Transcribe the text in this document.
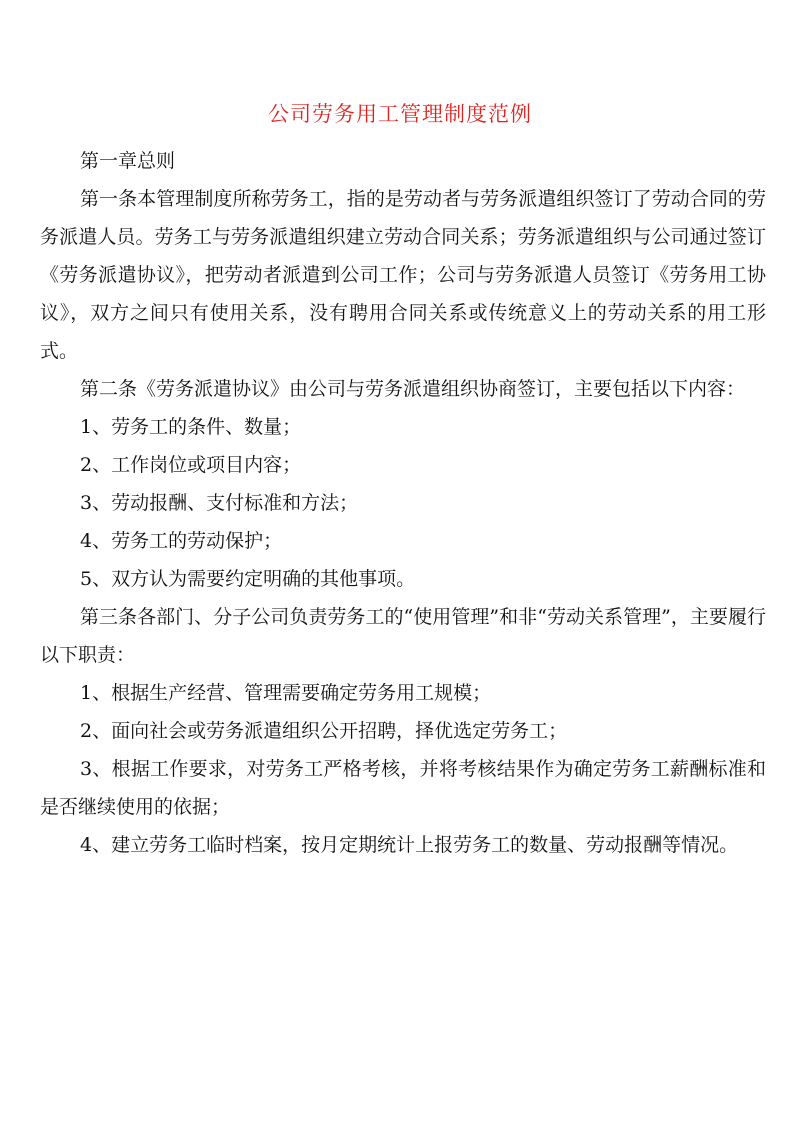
公司劳务用工管理制度范例

第一章总则

第一条本管理制度所称劳务工，指的是劳动者与劳务派遣组织签订了劳动合同的劳务派遣人员。劳务工与劳务派遣组织建立劳动合同关系；劳务派遣组织与公司通过签订《劳务派遣协议》，把劳动者派遣到公司工作；公司与劳务派遣人员签订《劳务用工协议》，双方之间只有使用关系，没有聘用合同关系或传统意义上的劳动关系的用工形式。

第二条《劳务派遣协议》由公司与劳务派遣组织协商签订，主要包括以下内容：

1、劳务工的条件、数量；

2、工作岗位或项目内容；

3、劳动报酬、支付标准和方法；

4、劳务工的劳动保护；

5、双方认为需要约定明确的其他事项。

第三条各部门、分子公司负责劳务工的“使用管理”和非“劳动关系管理”，主要履行以下职责：

1、根据生产经营、管理需要确定劳务用工规模；

2、面向社会或劳务派遣组织公开招聘，择优选定劳务工；

3、根据工作要求，对劳务工严格考核，并将考核结果作为确定劳务工薪酬标准和是否继续使用的依据；

4、建立劳务工临时档案，按月定期统计上报劳务工的数量、劳动报酬等情况。
